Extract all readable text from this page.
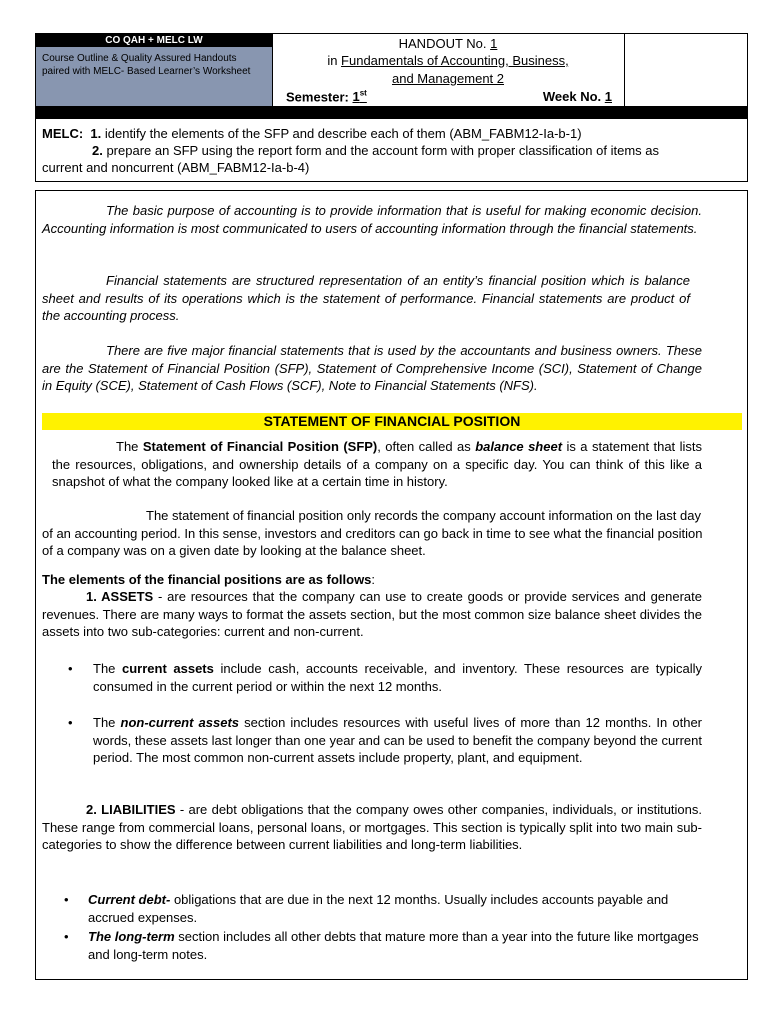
CO QAH + MELC LW
Course Outline & Quality Assured Handouts paired with MELC- Based Learner’s Worksheet
HANDOUT No. 1
in Fundamentals of Accounting, Business,
and Management 2
Semester: 1st	Week No. 1
MELC: 1. identify the elements of the SFP and describe each of them (ABM_FABM12-Ia-b-1)
2. prepare an SFP using the report form and the account form with proper classification of items as
current and noncurrent (ABM_FABM12-Ia-b-4)
The basic purpose of accounting is to provide information that is useful for making economic decision. Accounting information is most communicated to users of accounting information through the financial statements.
Financial statements are structured representation of an entity’s financial position which is balance sheet and results of its operations which is the statement of performance. Financial statements are product of the accounting process.
There are five major financial statements that is used by the accountants and business owners. These are the Statement of Financial Position (SFP), Statement of Comprehensive Income (SCI), Statement of Change in Equity (SCE), Statement of Cash Flows (SCF), Note to Financial Statements (NFS).
STATEMENT OF FINANCIAL POSITION
The Statement of Financial Position (SFP), often called as balance sheet is a statement that lists the resources, obligations, and ownership details of a company on a specific day. You can think of this like a snapshot of what the company looked like at a certain time in history.
The statement of financial position only records the company account information on the last day of an accounting period. In this sense, investors and creditors can go back in time to see what the financial position of a company was on a given date by looking at the balance sheet.
The elements of the financial positions are as follows:
1. ASSETS - are resources that the company can use to create goods or provide services and generate revenues. There are many ways to format the assets section, but the most common size balance sheet divides the assets into two sub-categories: current and non-current.
• The current assets include cash, accounts receivable, and inventory. These resources are typically consumed in the current period or within the next 12 months.
• The non-current assets section includes resources with useful lives of more than 12 months. In other words, these assets last longer than one year and can be used to benefit the company beyond the current period. The most common non-current assets include property, plant, and equipment.
2. LIABILITIES - are debt obligations that the company owes other companies, individuals, or institutions. These range from commercial loans, personal loans, or mortgages. This section is typically split into two main sub-categories to show the difference between current liabilities and long-term liabilities.
• Current debt- obligations that are due in the next 12 months. Usually includes accounts payable and accrued expenses.
• The long-term section includes all other debts that mature more than a year into the future like mortgages and long-term notes.
